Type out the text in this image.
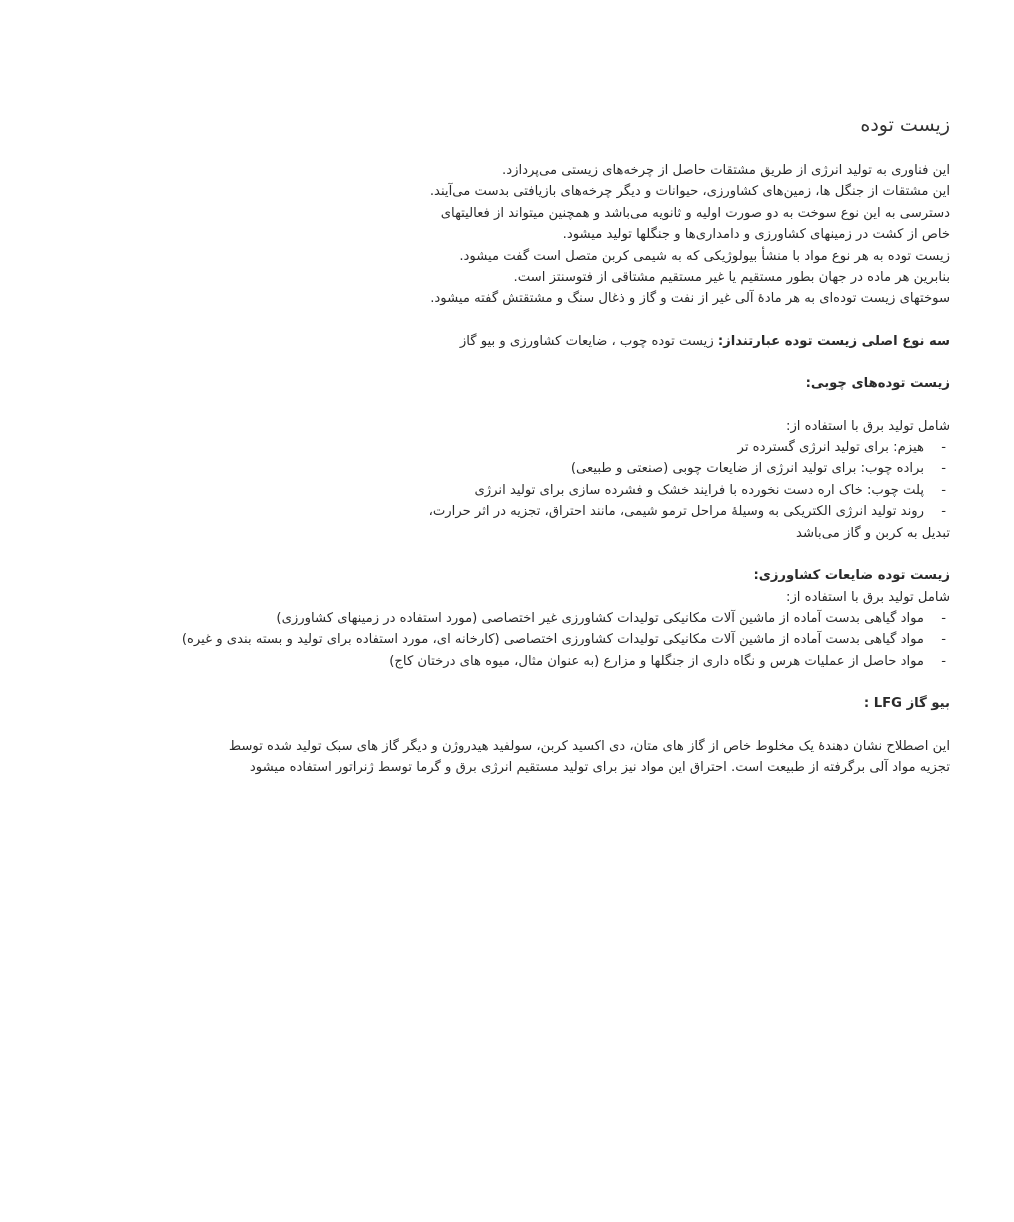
زیست توده

این فناوری به تولید انرژی از طریق مشتقات حاصل از چرخه‌های زیستی می‌پردازد.

این مشتقات از جنگل ها، زمین‌های کشاورزی، حیوانات و دیگر چرخه‌های بازیافتی بدست می‌آیند.

دسترسی به این نوع سوخت به دو صورت اولیه و ثانویه می‌باشد و همچنین میتواند از فعالیتهای

خاص از کشت در زمینهای کشاورزی و دامداری‌ها و جنگلها تولید میشود.

زیست توده به هر نوع مواد با منشأ بیولوژیکی که به شیمی کربن متصل است گفت میشود.

بنابرین هر ماده در جهان بطور مستقیم یا غیر مستقیم مشتاقی از فتوسنتز است.

سوختهای زیست توده‌ای به هر مادهٔ آلی غیر از نفت و گاز و ذغال سنگ و مشتقتش گفته میشود.

سه نوع اصلی زیست توده عبارتنداز: زیست توده چوب ، ضایعات کشاورزی و بیو گاز

زیست توده‌های چوبی:

شامل تولید برق با استفاده از:

- هیزم: برای تولید انرژی گسترده تر
- براده چوب: برای تولید انرژی از ضایعات چوبی (صنعتی و طبیعی)
- پلت چوب: خاک اره دست نخورده با فرایند خشک و فشرده سازی برای تولید انرژی
- روند تولید انرژی الکتریکی به وسیلهٔ مراحل ترمو شیمی، مانند احتراق، تجزیه در اثر حرارت،

تبدیل به کربن و گاز می‌باشد

زیست توده ضایعات کشاورزی:

شامل تولید برق با استفاده از:

- مواد گیاهی بدست آماده از ماشین آلات مکانیکی تولیدات کشاورزی غیر اختصاصی (مورد استفاده در زمینهای کشاورزی)
- مواد گیاهی بدست آماده از ماشین آلات مکانیکی تولیدات کشاورزی اختصاصی (کارخانه ای، مورد استفاده برای تولید و بسته بندی و غیره)
- مواد حاصل از عملیات هرس و نگاه داری از جنگلها و مزارع (به عنوان مثال، میوه های درختان کاج)

بیو گاز LFG :

این اصطلاح نشان دهندهٔ یک مخلوط خاص از گاز های متان، دی اکسید کربن، سولفید هیدروژن و دیگر گاز های سبک تولید شده توسط

تجزیه مواد آلی برگرفته از طبیعت است. احتراق این مواد نیز برای تولید مستقیم انرژی برق و گرما توسط ژنراتور استفاده میشود
